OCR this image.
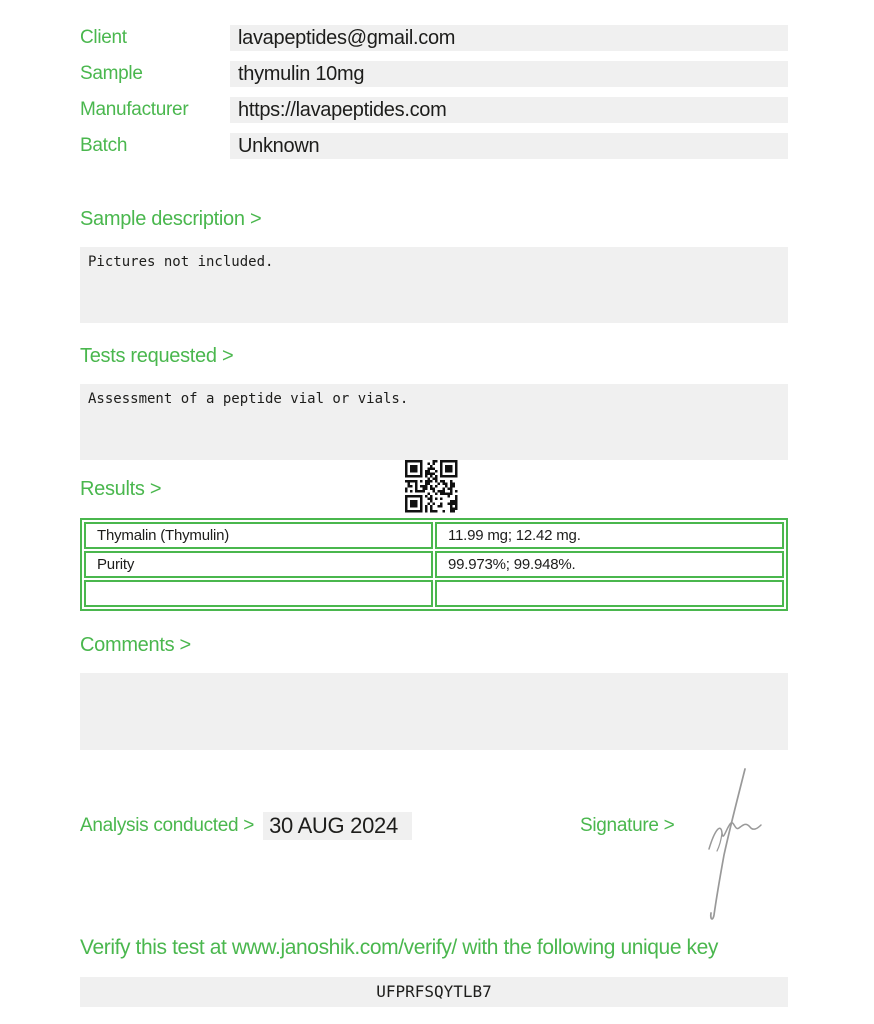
Client	lavapeptides@gmail.com
Sample	thymulin 10mg
Manufacturer	https://lavapeptides.com
Batch	Unknown
Sample description >
Pictures not included.
Tests requested >
Assessment of a peptide vial or vials.
Results >
Thymalin (Thymulin)	11.99 mg; 12.42 mg.
Purity	99.973%; 99.948%.

Comments >
Analysis conducted > 30 AUG 2024	Signature >
Verify this test at www.janoshik.com/verify/ with the following unique key
UFPRFSQYTLB7
